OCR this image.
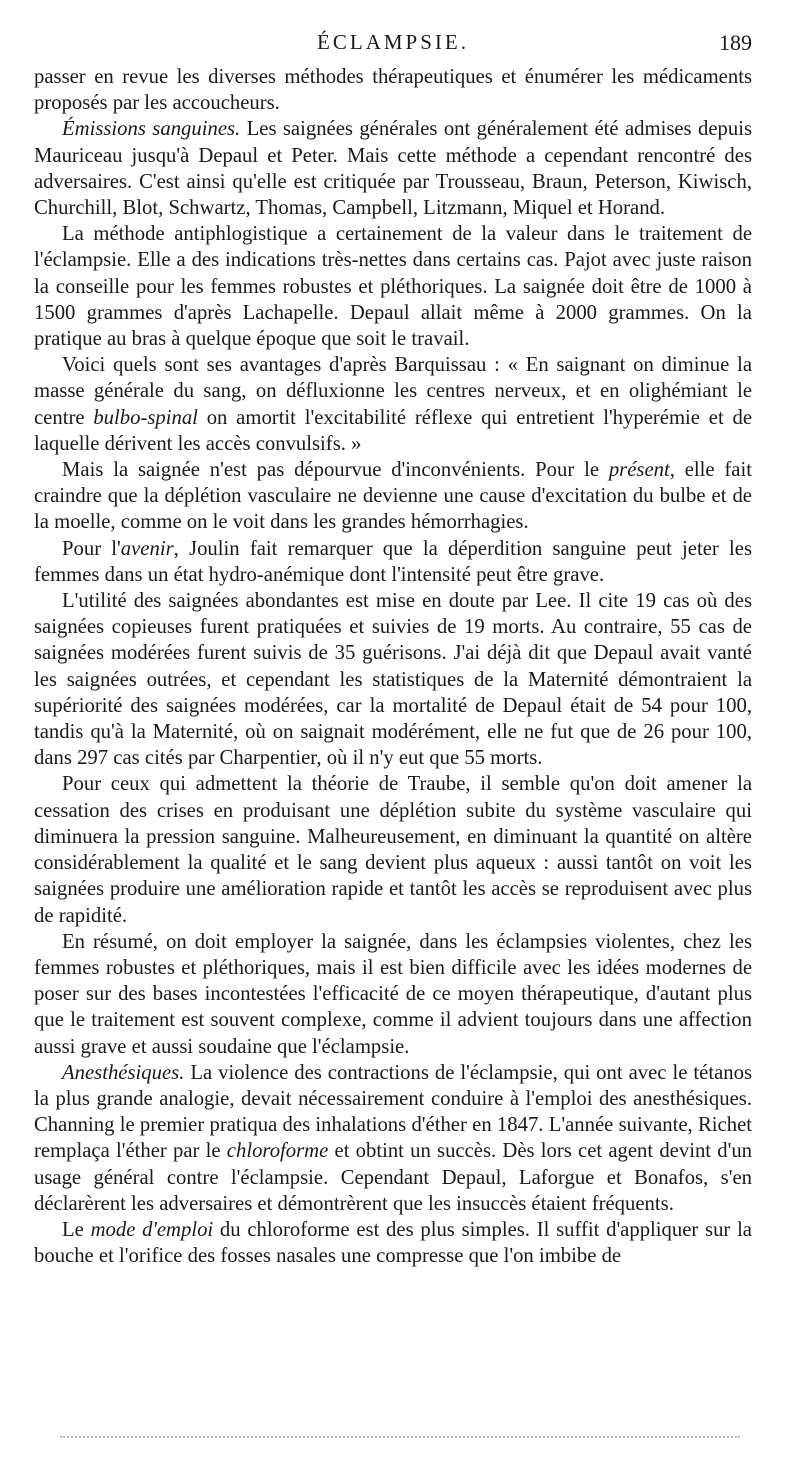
ÉCLAMPSIE.	189

passer en revue les diverses méthodes thérapeutiques et énumérer les médicaments proposés par les accoucheurs.

Émissions sanguines. Les saignées générales ont généralement été admises depuis Mauriceau jusqu'à Depaul et Peter. Mais cette méthode a cependant rencontré des adversaires. C'est ainsi qu'elle est critiquée par Trousseau, Braun, Peterson, Kiwisch, Churchill, Blot, Schwartz, Thomas, Campbell, Litzmann, Miquel et Horand.

La méthode antiphlogistique a certainement de la valeur dans le traitement de l'éclampsie. Elle a des indications très-nettes dans certains cas. Pajot avec juste raison la conseille pour les femmes robustes et pléthoriques. La saignée doit être de 1000 à 1500 grammes d'après Lachapelle. Depaul allait même à 2000 grammes. On la pratique au bras à quelque époque que soit le travail.

Voici quels sont ses avantages d'après Barquissau : « En saignant on diminue la masse générale du sang, on défluxionne les centres nerveux, et en olighémiant le centre bulbo-spinal on amortit l'excitabilité réflexe qui entretient l'hyperémie et de laquelle dérivent les accès convulsifs. »

Mais la saignée n'est pas dépourvue d'inconvénients. Pour le présent, elle fait craindre que la déplétion vasculaire ne devienne une cause d'excitation du bulbe et de la moelle, comme on le voit dans les grandes hémorrhagies.

Pour l'avenir, Joulin fait remarquer que la déperdition sanguine peut jeter les femmes dans un état hydro-anémique dont l'intensité peut être grave.

L'utilité des saignées abondantes est mise en doute par Lee. Il cite 19 cas où des saignées copieuses furent pratiquées et suivies de 19 morts. Au contraire, 55 cas de saignées modérées furent suivis de 35 guérisons. J'ai déjà dit que Depaul avait vanté les saignées outrées, et cependant les statistiques de la Maternité démontraient la supériorité des saignées modérées, car la mortalité de Depaul était de 54 pour 100, tandis qu'à la Maternité, où on saignait modérément, elle ne fut que de 26 pour 100, dans 297 cas cités par Charpentier, où il n'y eut que 55 morts.

Pour ceux qui admettent la théorie de Traube, il semble qu'on doit amener la cessation des crises en produisant une déplétion subite du système vasculaire qui diminuera la pression sanguine. Malheureusement, en diminuant la quantité on altère considérablement la qualité et le sang devient plus aqueux : aussi tantôt on voit les saignées produire une amélioration rapide et tantôt les accès se reproduisent avec plus de rapidité.

En résumé, on doit employer la saignée, dans les éclampsies violentes, chez les femmes robustes et pléthoriques, mais il est bien difficile avec les idées modernes de poser sur des bases incontestées l'efficacité de ce moyen thérapeutique, d'autant plus que le traitement est souvent complexe, comme il advient toujours dans une affection aussi grave et aussi soudaine que l'éclampsie.

Anesthésiques. La violence des contractions de l'éclampsie, qui ont avec le tétanos la plus grande analogie, devait nécessairement conduire à l'emploi des anesthésiques. Channing le premier pratiqua des inhalations d'éther en 1847. L'année suivante, Richet remplaça l'éther par le chloroforme et obtint un succès. Dès lors cet agent devint d'un usage général contre l'éclampsie. Cependant Depaul, Laforgue et Bonafos, s'en déclarèrent les adversaires et démontrèrent que les insuccès étaient fréquents.

Le mode d'emploi du chloroforme est des plus simples. Il suffit d'appliquer sur la bouche et l'orifice des fosses nasales une compresse que l'on imbibe de
